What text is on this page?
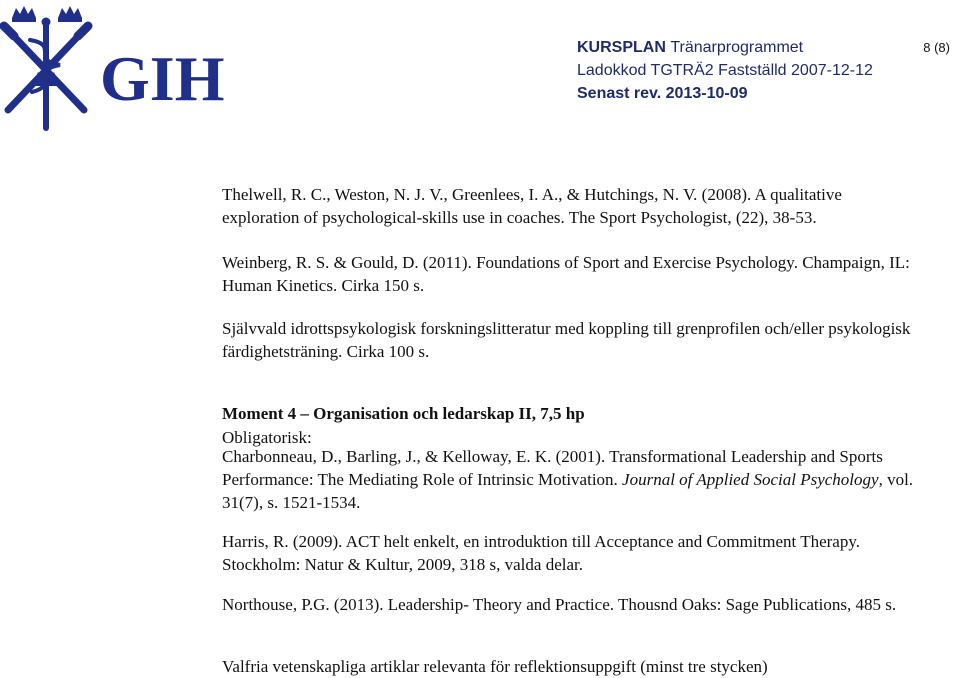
GIH	KURSPLAN Tränarprogrammet
Ladokkod TGTRÄ2 Fastställd 2007-12-12
Senast rev. 2013-10-09
8 (8)

Thelwell, R. C., Weston, N. J. V., Greenlees, I. A., & Hutchings, N. V. (2008). A qualitative exploration of psychological-skills use in coaches. The Sport Psychologist, (22), 38-53.

Weinberg, R. S. & Gould, D. (2011). Foundations of Sport and Exercise Psychology. Champaign, IL: Human Kinetics. Cirka 150 s.

Självvald idrottspsykologisk forskningslitteratur med koppling till grenprofilen och/eller psykologisk färdighetsträning. Cirka 100 s.

Moment 4 – Organisation och ledarskap II, 7,5 hp

Obligatorisk:

Charbonneau, D., Barling, J., & Kelloway, E. K. (2001). Transformational Leadership and Sports Performance: The Mediating Role of Intrinsic Motivation. Journal of Applied Social Psychology, vol. 31(7), s. 1521-1534.

Harris, R. (2009). ACT helt enkelt, en introduktion till Acceptance and Commitment Therapy. Stockholm: Natur & Kultur, 2009, 318 s, valda delar.

Northouse, P.G. (2013). Leadership- Theory and Practice. Thousnd Oaks: Sage Publications, 485 s.

Valfria vetenskapliga artiklar relevanta för reflektionsuppgift (minst tre stycken)
